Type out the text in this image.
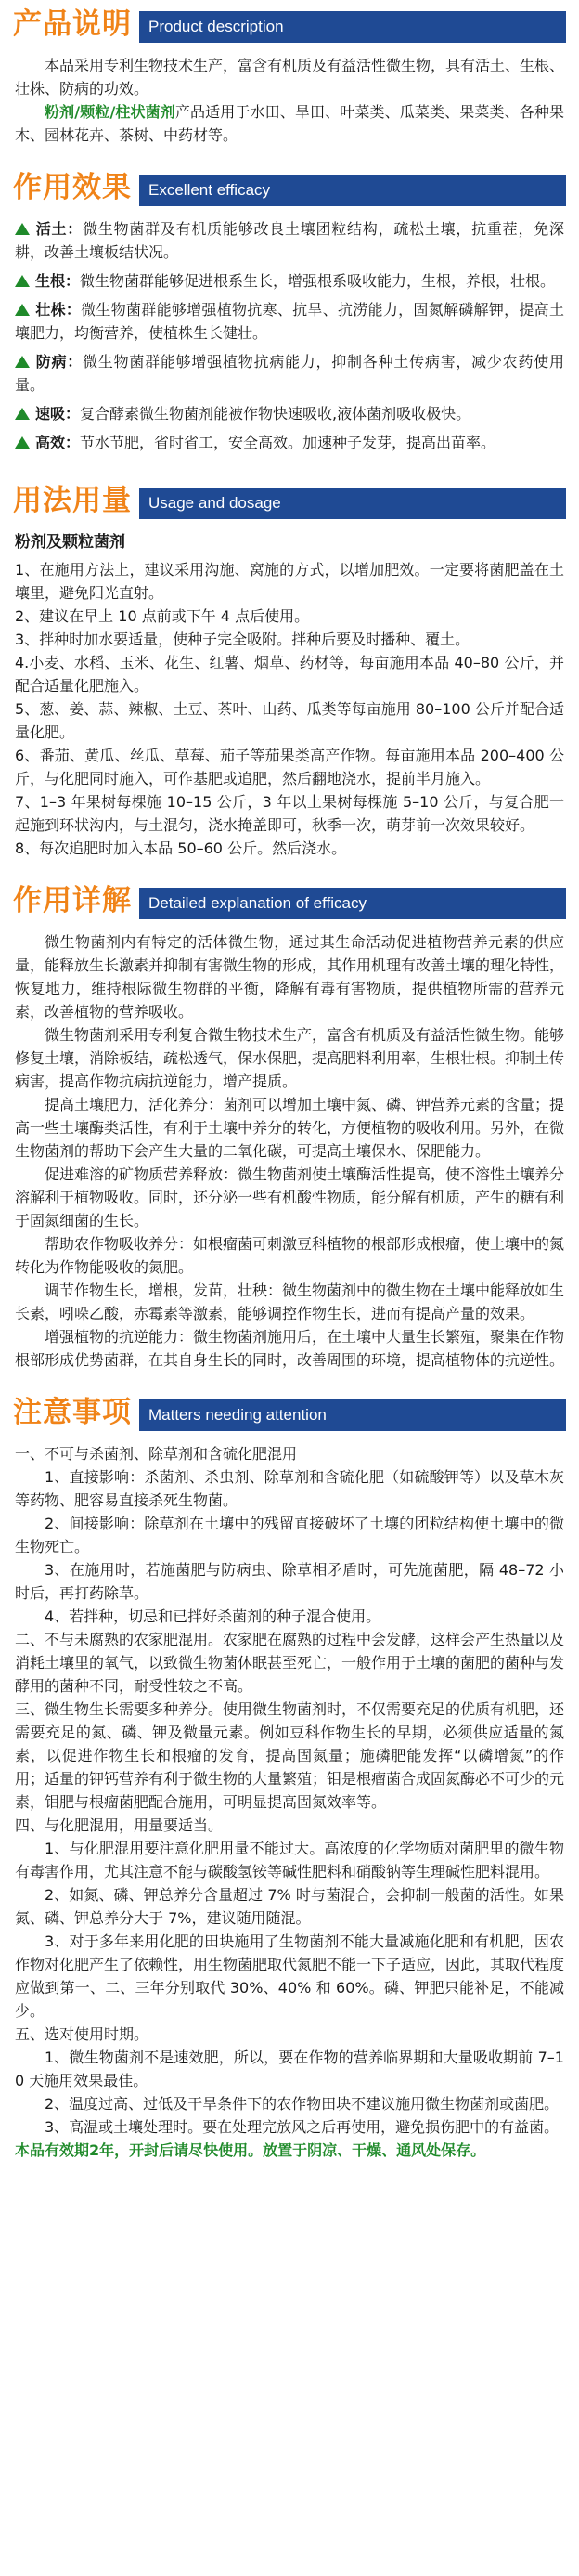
产品说明	Product description
本品采用专利生物技术生产，富含有机质及有益活性微生物，具有活土、生根、壮株、防病的功效。
粉剂/颗粒/柱状菌剂产品适用于水田、旱田、叶菜类、瓜菜类、果菜类、各种果木、园林花卉、茶树、中药材等。
作用效果	Excellent efficacy
活土：微生物菌群及有机质能够改良土壤团粒结构，疏松土壤，抗重茬，免深耕，改善土壤板结状况。
生根：微生物菌群能够促进根系生长，增强根系吸收能力，生根，养根，壮根。
壮株：微生物菌群能够增强植物抗寒、抗旱、抗涝能力，固氮解磷解钾，提高土壤肥力，均衡营养，使植株生长健壮。
防病：微生物菌群能够增强植物抗病能力，抑制各种土传病害，减少农药使用量。
速吸：复合酵素微生物菌剂能被作物快速吸收,液体菌剂吸收极快。
高效：节水节肥，省时省工，安全高效。加速种子发芽，提高出苗率。
用法用量	Usage and dosage
粉剂及颗粒菌剂
1、在施用方法上，建议采用沟施、窝施的方式，以增加肥效。一定要将菌肥盖在土壤里，避免阳光直射。
2、建议在早上 10 点前或下午 4 点后使用。
3、拌种时加水要适量，使种子完全吸附。拌种后要及时播种、覆土。
4.小麦、水稻、玉米、花生、红薯、烟草、药材等，每亩施用本品 40–80 公斤，并配合适量化肥施入。
5、葱、姜、蒜、辣椒、土豆、茶叶、山药、瓜类等每亩施用 80–100 公斤并配合适量化肥。
6、番茄、黄瓜、丝瓜、草莓、茄子等茄果类高产作物。每亩施用本品 200–400 公斤，与化肥同时施入，可作基肥或追肥，然后翻地浇水，提前半月施入。
7、1–3 年果树每棵施 10–15 公斤，3 年以上果树每棵施 5–10 公斤，与复合肥一起施到环状沟内，与土混匀，浇水掩盖即可，秋季一次，萌芽前一次效果较好。
8、每次追肥时加入本品 50–60 公斤。然后浇水。
作用详解	Detailed explanation of efficacy
微生物菌剂内有特定的活体微生物，通过其生命活动促进植物营养元素的供应量，能释放生长激素并抑制有害微生物的形成，其作用机理有改善土壤的理化特性，恢复地力，维持根际微生物群的平衡，降解有毒有害物质，提供植物所需的营养元素，改善植物的营养吸收。
微生物菌剂采用专利复合微生物技术生产，富含有机质及有益活性微生物。能够修复土壤，消除板结，疏松透气，保水保肥，提高肥料利用率，生根壮根。抑制土传病害，提高作物抗病抗逆能力，增产提质。
提高土壤肥力，活化养分：菌剂可以增加土壤中氮、磷、钾营养元素的含量；提高一些土壤酶类活性，有利于土壤中养分的转化，方便植物的吸收利用。另外，在微生物菌剂的帮助下会产生大量的二氧化碳，可提高土壤保水、保肥能力。
促进难溶的矿物质营养释放：微生物菌剂使土壤酶活性提高，使不溶性土壤养分溶解利于植物吸收。同时，还分泌一些有机酸性物质，能分解有机质，产生的糖有利于固氮细菌的生长。
帮助农作物吸收养分：如根瘤菌可刺激豆科植物的根部形成根瘤，使土壤中的氮转化为作物能吸收的氮肥。
调节作物生长，增根，发苗，壮秧：微生物菌剂中的微生物在土壤中能释放如生长素，吲哚乙酸，赤霉素等激素，能够调控作物生长，进而有提高产量的效果。
增强植物的抗逆能力：微生物菌剂施用后，在土壤中大量生长繁殖，聚集在作物根部形成优势菌群，在其自身生长的同时，改善周围的环境，提高植物体的抗逆性。
注意事项	Matters needing attention
一、不可与杀菌剂、除草剂和含硫化肥混用
1、直接影响：杀菌剂、杀虫剂、除草剂和含硫化肥（如硫酸钾等）以及草木灰等药物、肥容易直接杀死生物菌。
2、间接影响：除草剂在土壤中的残留直接破坏了土壤的团粒结构使土壤中的微生物死亡。
3、在施用时，若施菌肥与防病虫、除草相矛盾时，可先施菌肥，隔 48–72 小时后，再打药除草。
4、若拌种，切忌和已拌好杀菌剂的种子混合使用。
二、不与未腐熟的农家肥混用。农家肥在腐熟的过程中会发酵，这样会产生热量以及消耗土壤里的氧气，以致微生物菌休眠甚至死亡，一般作用于土壤的菌肥的菌种与发酵用的菌种不同，耐受性较之不高。
三、微生物生长需要多种养分。使用微生物菌剂时，不仅需要充足的优质有机肥，还需要充足的氮、磷、钾及微量元素。例如豆科作物生长的早期，必须供应适量的氮素，以促进作物生长和根瘤的发育，提高固氮量；施磷肥能发挥“以磷增氮”的作用；适量的钾钙营养有利于微生物的大量繁殖；钼是根瘤菌合成固氮酶必不可少的元素，钼肥与根瘤菌肥配合施用，可明显提高固氮效率等。
四、与化肥混用，用量要适当。
1、与化肥混用要注意化肥用量不能过大。高浓度的化学物质对菌肥里的微生物有毒害作用，尤其注意不能与碳酸氢铵等碱性肥料和硝酸钠等生理碱性肥料混用。
2、如氮、磷、钾总养分含量超过 7% 时与菌混合，会抑制一般菌的活性。如果氮、磷、钾总养分大于 7%，建议随用随混。
3、对于多年来用化肥的田块施用了生物菌剂不能大量减施化肥和有机肥，因农作物对化肥产生了依赖性，用生物菌肥取代氮肥不能一下子适应，因此，其取代程度应做到第一、二、三年分别取代 30%、40% 和 60%。磷、钾肥只能补足，不能减少。
五、选对使用时期。
1、微生物菌剂不是速效肥，所以，要在作物的营养临界期和大量吸收期前 7–10 天施用效果最佳。
2、温度过高、过低及干旱条件下的农作物田块不建议施用微生物菌剂或菌肥。
3、高温或土壤处理时。要在处理完放风之后再使用，避免损伤肥中的有益菌。
本品有效期2年，开封后请尽快使用。放置于阴凉、干燥、通风处保存。
